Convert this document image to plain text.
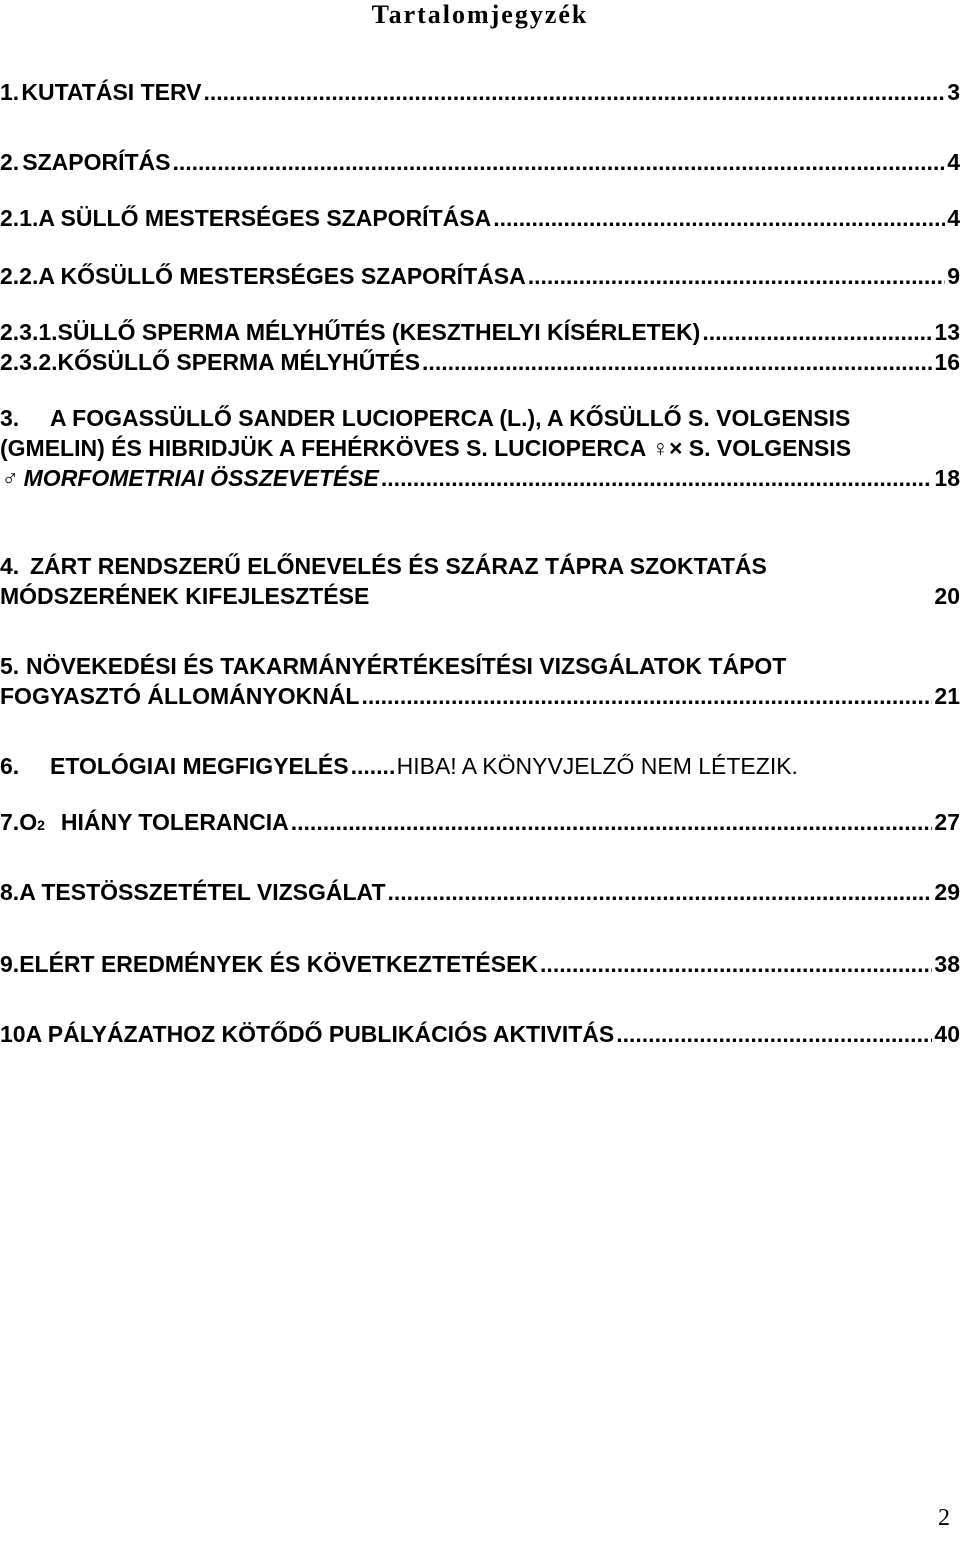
Tartalomjegyzék
1. KUTATÁSI TERV .....	3
2. SZAPORÍTÁS .....	4
2.1. A SÜLLŐ MESTERSÉGES SZAPORÍTÁSA .....	4
2.2. A KŐSÜLLŐ MESTERSÉGES SZAPORÍTÁSA .....	9
2.3.1. SÜLLŐ SPERMA MÉLYHŰTÉS (KESZTHELYI KÍSÉRLETEK) .....	13
2.3.2. KŐSÜLLŐ SPERMA MÉLYHŰTÉS .....	16
3.	A FOGASSÜLLŐ SANDER LUCIOPERCA (L.), A KŐSÜLLŐ S. VOLGENSIS
(GMELIN) ÉS HIBRIDJÜK A FEHÉRKÖVES S. LUCIOPERCA ♀× S. VOLGENSIS
♂ MORFOMETRIAI ÖSSZEVETÉSE .....	18
4. ZÁRT RENDSZERŰ ELŐNEVELÉS ÉS SZÁRAZ TÁPRA SZOKTATÁS
MÓDSZERÉNEK KIFEJLESZTÉSE	20
5. NÖVEKEDÉSI ÉS TAKARMÁNYÉRTÉKESÍTÉSI VIZSGÁLATOK TÁPOT
FOGYASZTÓ ÁLLOMÁNYOKNÁL .....	21
6.	ETOLÓGIAI MEGFIGYELÉS ..... HIBA! A KÖNYVJELZŐ NEM LÉTEZIK.
7. O 2 HIÁNY TOLERANCIA .....	27
8. A TESTÖSSZETÉTEL VIZSGÁLAT .....	29
9. ELÉRT EREDMÉNYEK ÉS KÖVETKEZTETÉSEK .....	38
10 A PÁLYÁZATHOZ KÖTŐDŐ PUBLIKÁCIÓS AKTIVITÁS .....	40
2
